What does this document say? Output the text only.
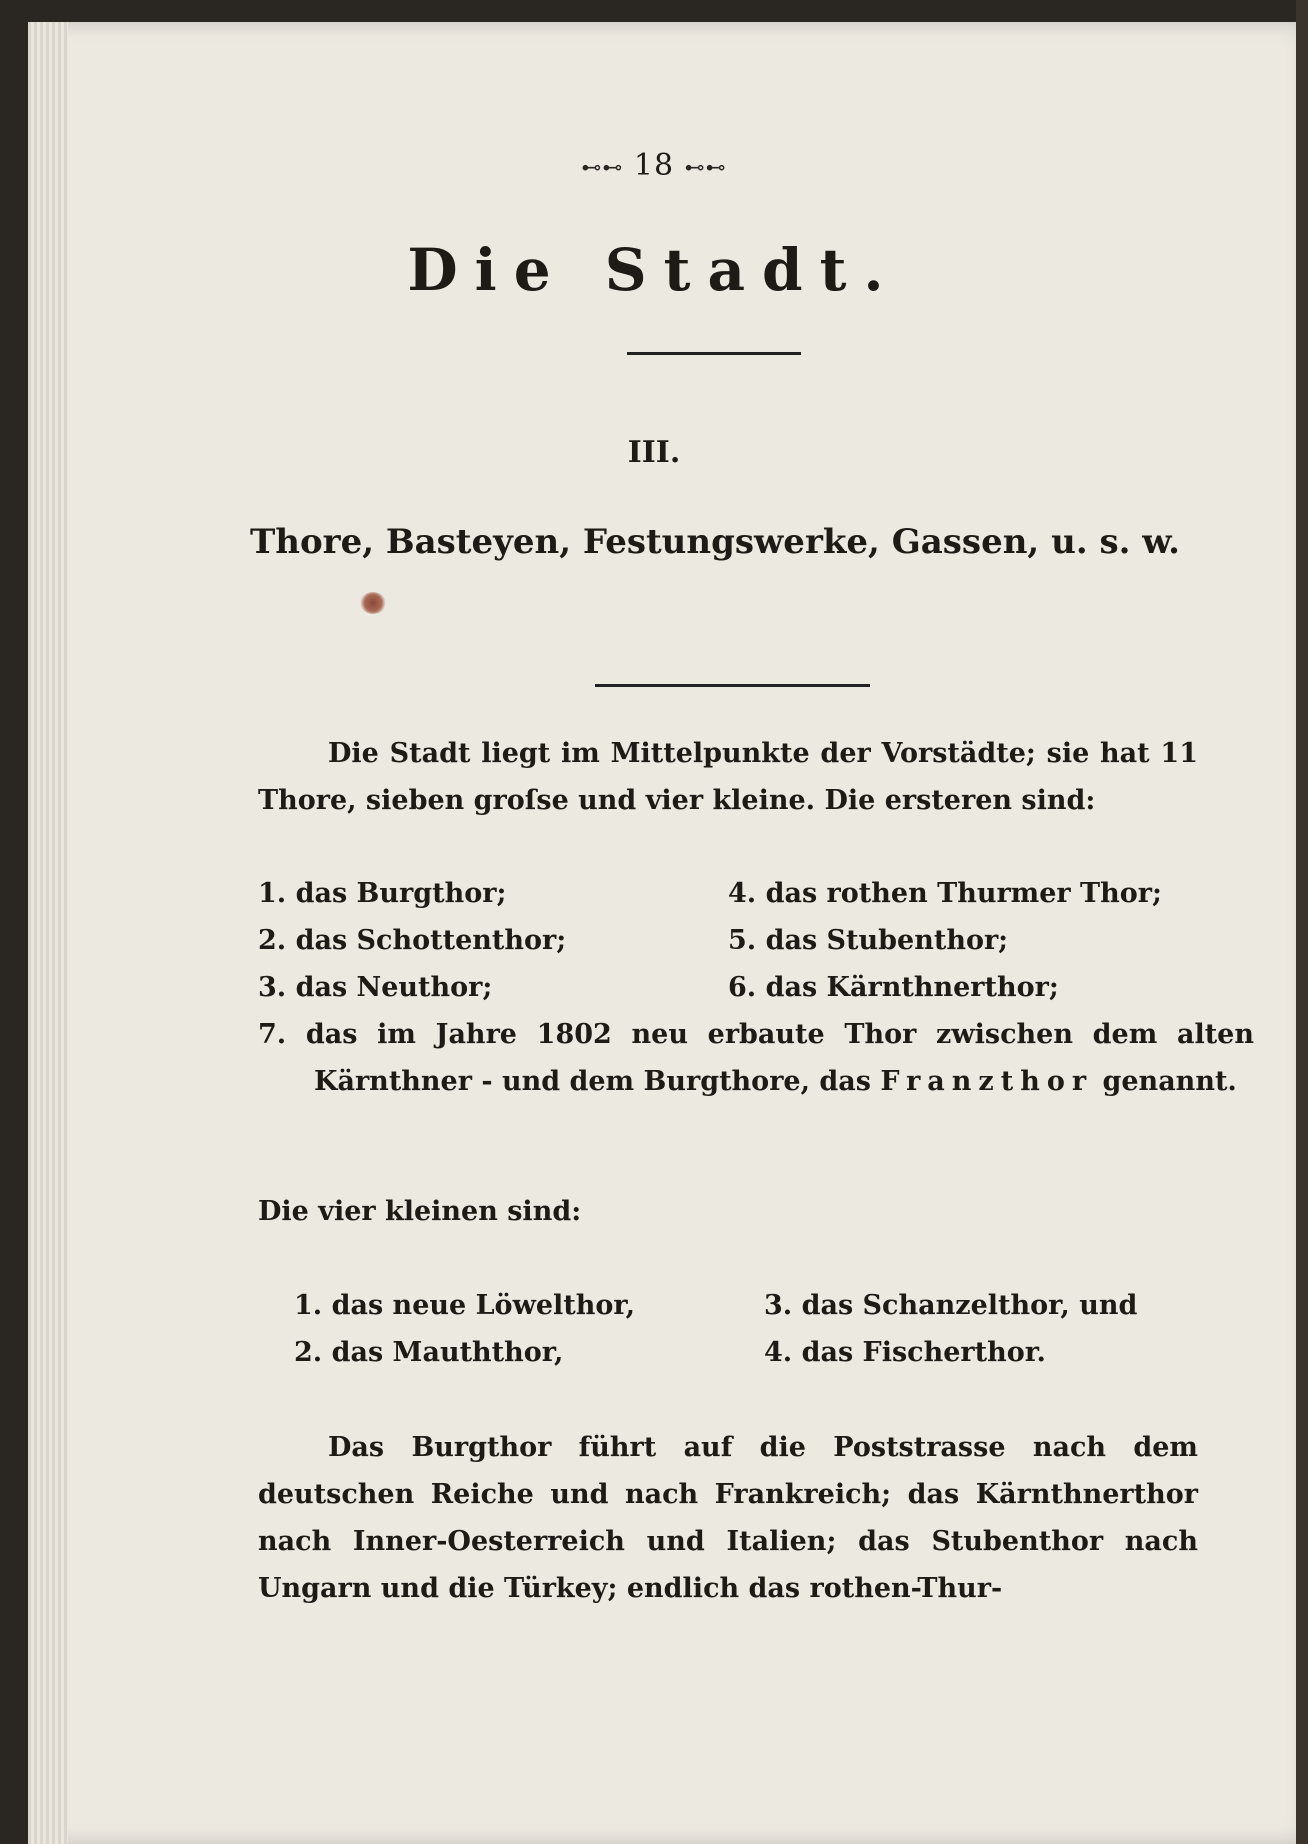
⊷⊷ 18 ⊷⊷
Die Stadt.
III.
Thore, Basteyen, Festungswerke, Gassen, u. s. w.
Die Stadt liegt im Mittelpunkte der Vorstädte; sie hat 11 Thore, sieben groſse und vier kleine. Die ersteren sind:
1. das Burgthor;	4. das rothen Thurmer Thor;
2. das Schottenthor;	5. das Stubenthor;
3. das Neuthor;	6. das Kärnthnerthor;
7. das im Jahre 1802 neu erbaute Thor zwischen dem alten Kärnthner - und dem Burgthore, das Franzthor genannt.
Die vier kleinen sind:
1. das neue Löwelthor,	3. das Schanzelthor, und
2. das Mauththor,	4. das Fischerthor.
Das Burgthor führt auf die Poststrasse nach dem deutschen Reiche und nach Frankreich; das Kärnthnerthor nach Inner-Oesterreich und Italien; das Stubenthor nach Ungarn und die Türkey; endlich das rothen-Thur-
